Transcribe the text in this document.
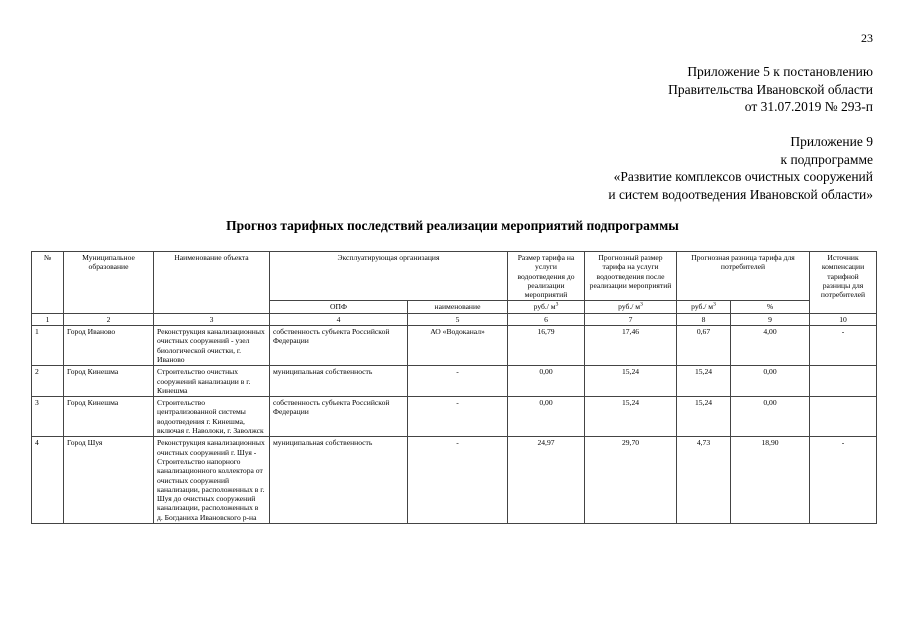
23
Приложение 5 к постановлению
Правительства Ивановской области
от 31.07.2019 № 293-п
Приложение 9
к подпрограмме
«Развитие комплексов очистных сооружений
и систем водоотведения Ивановской области»
Прогноз тарифных последствий реализации мероприятий подпрограммы
№	Муниципальное образование	Наименование объекта	Эксплуатирующая организация		Размер тарифа на услуги водоотведения до реализации мероприятий	Прогнозный размер тарифа на услуги водоотведения после реализации мероприятий	Прогнозная разница тарифа для потребителей		Источник компенсации тарифной разницы для потребителей
			ОПФ	наименование	руб./ $м^3$	руб./ $м^3$	руб./ $м^3$	%	
1	2	3	4	5	6	7	8	9	10
1	Город Иваново	Реконструкция канализационных очистных сооружений - узел биологической очистки, г. Иваново	собственность субъекта Российской Федерации	АО «Водоканал»	16,79	17,46	0,67	4,00	-
2	Город Кинешма	Строительство очистных сооружений канализации в г. Кинешма	муниципальная собственность	-	0,00	15,24	15,24	0,00	
3	Город Кинешма	Строительство централизованной системы водоотведения г. Кинешма, включая г. Наволоки, г. Заволжск	собственность субъекта Российской Федерации	-	0,00	15,24	15,24	0,00	
4	Город Шуя	Реконструкция канализационных очистных сооружений г. Шуя - Строительство напорного канализационного коллектора от очистных сооружений канализации, расположенных в г. Шуя до очистных сооружений канализации, расположенных в д. Богданиха Ивановского р-на	муниципальная собственность	-	24,97	29,70	4,73	18,90	-
